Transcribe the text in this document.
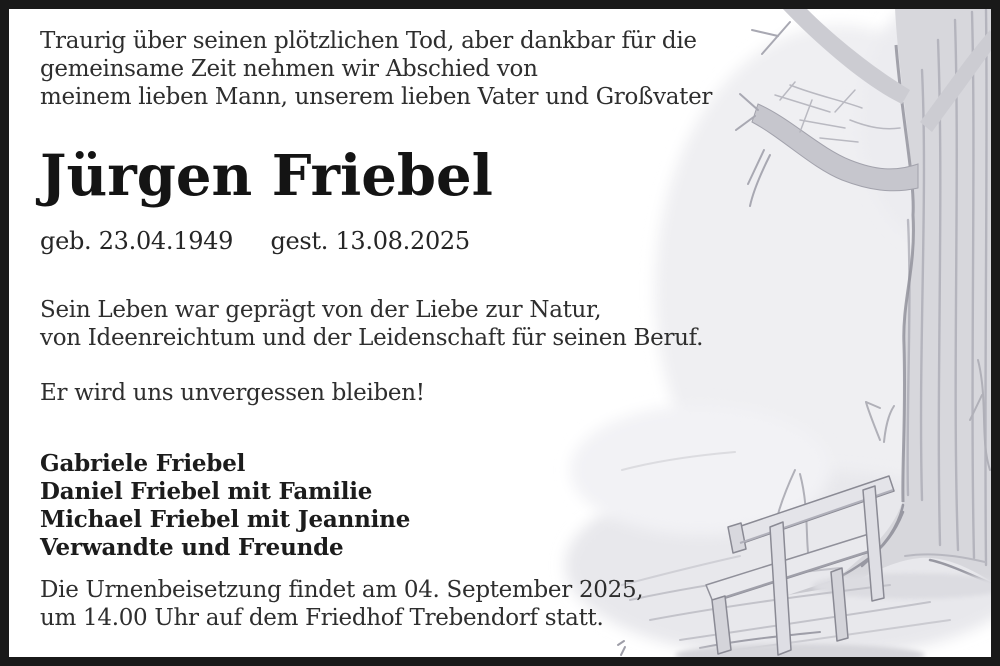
Traurig über seinen plötzlichen Tod, aber dankbar für die
gemeinsame Zeit nehmen wir Abschied von
meinem lieben Mann, unserem lieben Vater und Großvater
Jürgen Friebel
geb. 23.04.1949 gest. 13.08.2025
Sein Leben war geprägt von der Liebe zur Natur,
von Ideenreichtum und der Leidenschaft für seinen Beruf.
Er wird uns unvergessen bleiben!
Gabriele Friebel
Daniel Friebel mit Familie
Michael Friebel mit Jeannine
Verwandte und Freunde
Die Urnenbeisetzung findet am 04. September 2025,
um 14.00 Uhr auf dem Friedhof Trebendorf statt.
